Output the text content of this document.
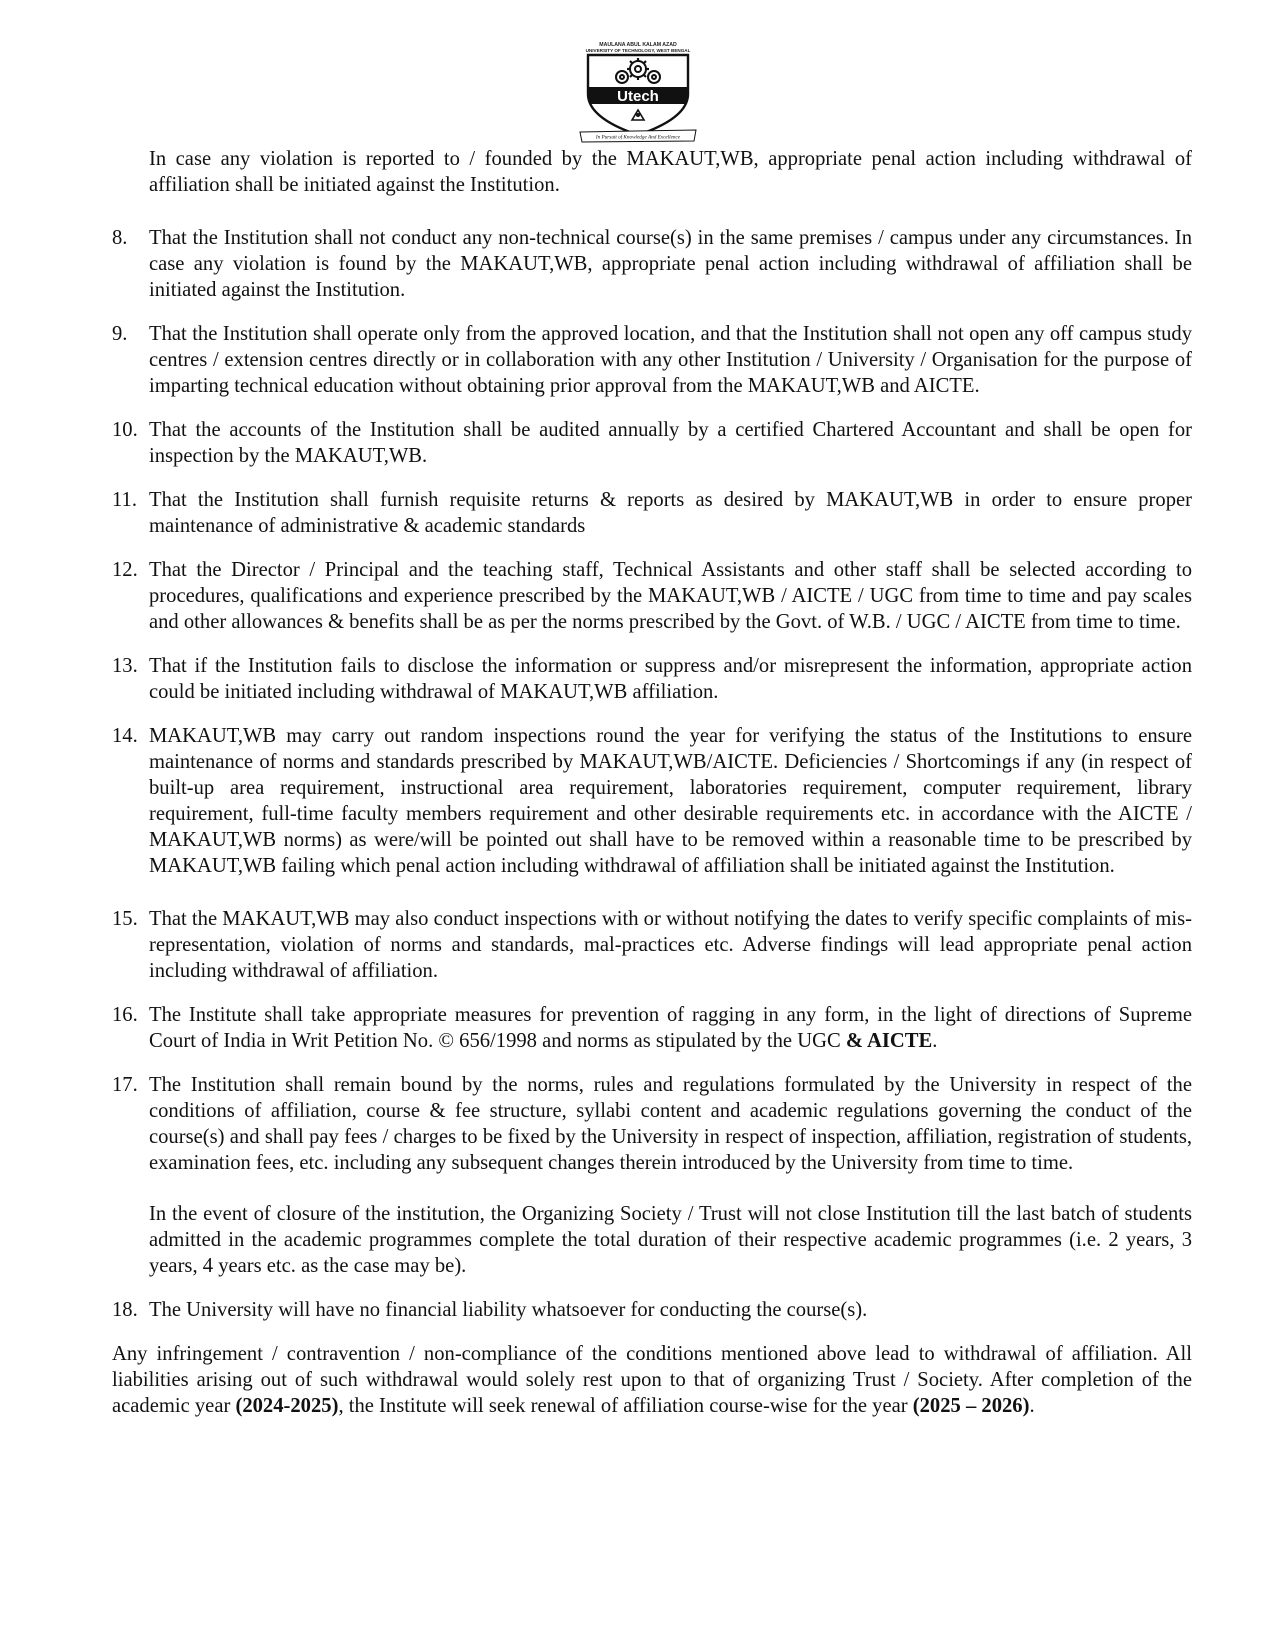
MAULANA ABUL KALAM AZAD
UNIVERSITY OF TECHNOLOGY, WEST BENGAL
Utech
In Pursuit of Knowledge And Excellence

In case any violation is reported to / founded by the MAKAUT,WB, appropriate penal action including withdrawal of affiliation shall be initiated against the Institution.

8.	That the Institution shall not conduct any non-technical course(s) in the same premises / campus under any circumstances. In case any violation is found by the MAKAUT,WB, appropriate penal action including withdrawal of affiliation shall be initiated against the Institution.
9.	That the Institution shall operate only from the approved location, and that the Institution shall not open any off campus study centres / extension centres directly or in collaboration with any other Institution / University / Organisation for the purpose of imparting technical education without obtaining prior approval from the MAKAUT,WB and AICTE.
10. That the accounts of the Institution shall be audited annually by a certified Chartered Accountant and shall be open for inspection by the MAKAUT,WB.
11. That the Institution shall furnish requisite returns & reports as desired by MAKAUT,WB in order to ensure proper maintenance of administrative & academic standards
12. That the Director / Principal and the teaching staff, Technical Assistants and other staff shall be selected according to procedures, qualifications and experience prescribed by the MAKAUT,WB / AICTE / UGC from time to time and pay scales and other allowances & benefits shall be as per the norms prescribed by the Govt. of W.B. / UGC / AICTE from time to time.
13. That if the Institution fails to disclose the information or suppress and/or misrepresent the information, appropriate action could be initiated including withdrawal of MAKAUT,WB affiliation.
14. MAKAUT,WB may carry out random inspections round the year for verifying the status of the Institutions to ensure maintenance of norms and standards prescribed by MAKAUT,WB/AICTE. Deficiencies / Shortcomings if any (in respect of built-up area requirement, instructional area requirement, laboratories requirement, computer requirement, library requirement, full-time faculty members requirement and other desirable requirements etc. in accordance with the AICTE / MAKAUT,WB norms) as were/will be pointed out shall have to be removed within a reasonable time to be prescribed by MAKAUT,WB failing which penal action including withdrawal of affiliation shall be initiated against the Institution.
15. That the MAKAUT,WB may also conduct inspections with or without notifying the dates to verify specific complaints of mis-representation, violation of norms and standards, mal-practices etc. Adverse findings will lead appropriate penal action including withdrawal of affiliation.
16. The Institute shall take appropriate measures for prevention of ragging in any form, in the light of directions of Supreme Court of India in Writ Petition No. © 656/1998 and norms as stipulated by the UGC & AICTE.
17. The Institution shall remain bound by the norms, rules and regulations formulated by the University in respect of the conditions of affiliation, course & fee structure, syllabi content and academic regulations governing the conduct of the course(s) and shall pay fees / charges to be fixed by the University in respect of inspection, affiliation, registration of students, examination fees, etc. including any subsequent changes therein introduced by the University from time to time.
In the event of closure of the institution, the Organizing Society / Trust will not close Institution till the last batch of students admitted in the academic programmes complete the total duration of their respective academic programmes (i.e. 2 years, 3 years, 4 years etc. as the case may be).
18. The University will have no financial liability whatsoever for conducting the course(s).

Any infringement / contravention / non-compliance of the conditions mentioned above lead to withdrawal of affiliation. All liabilities arising out of such withdrawal would solely rest upon to that of organizing Trust / Society. After completion of the academic year (2024-2025), the Institute will seek renewal of affiliation course-wise for the year (2025 – 2026).
